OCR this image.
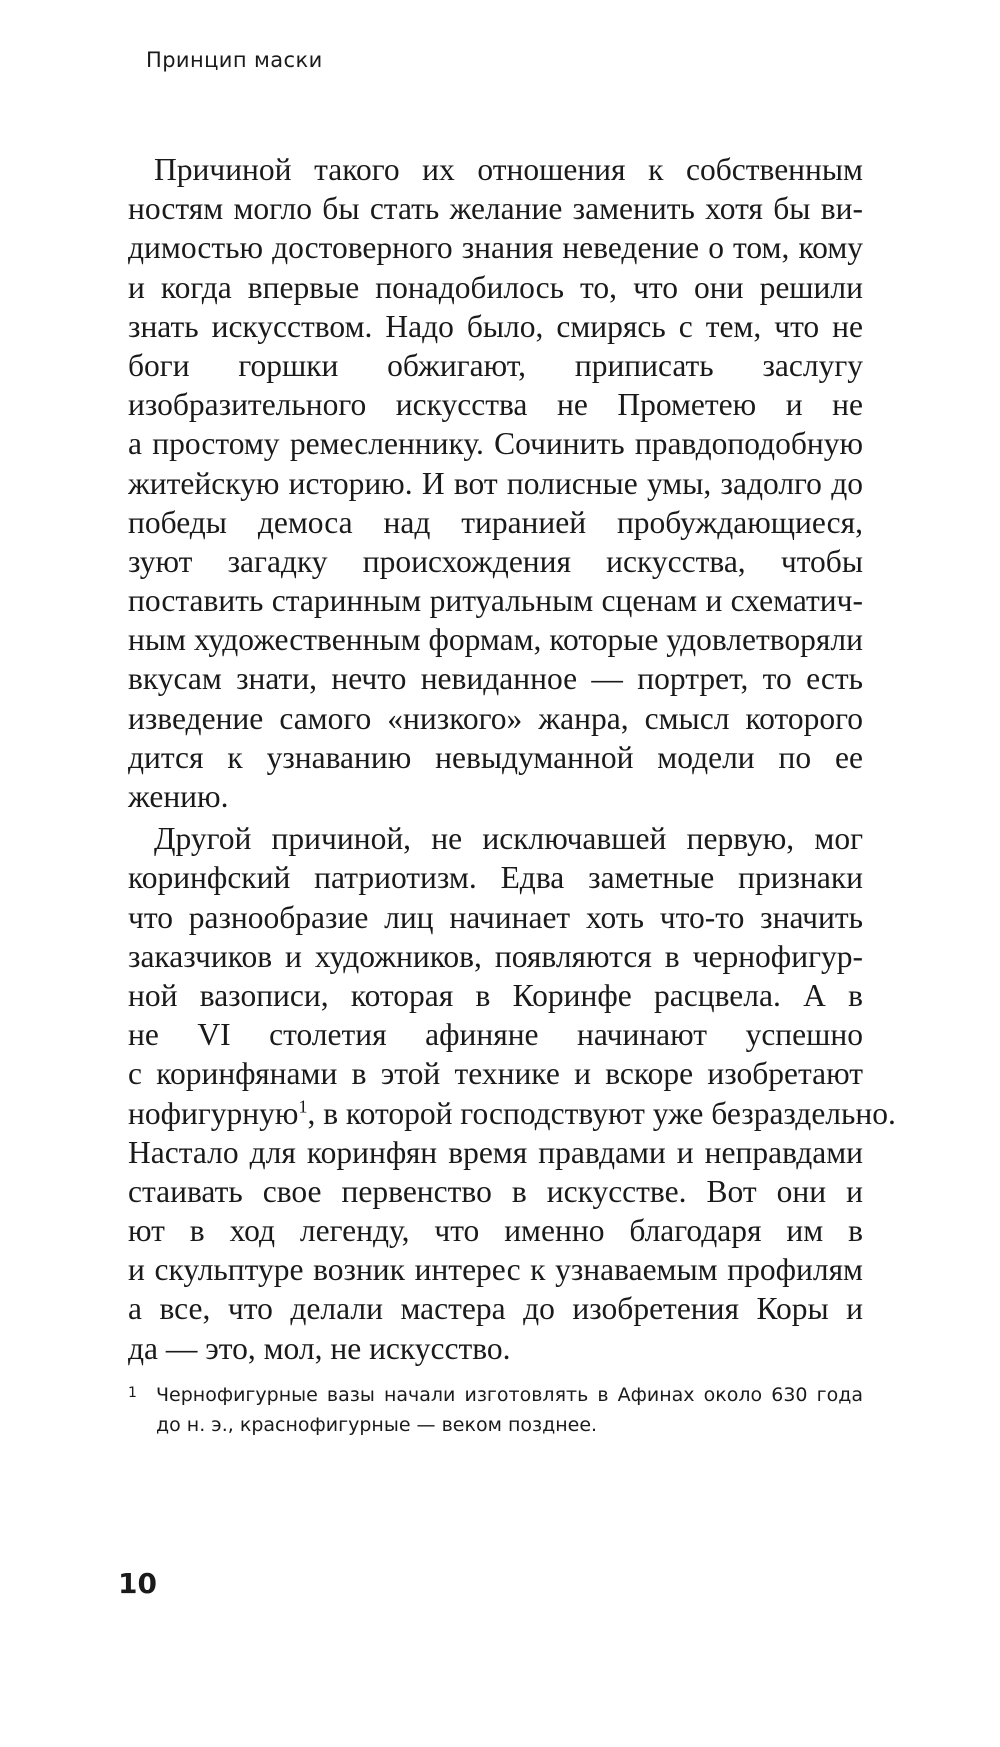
Принцип маски
Причиной такого их отношения к собственным
ностям могло бы стать желание заменить хотя бы ви-
димостью достоверного знания неведение о том, кому
и когда впервые понадобилось то, что они решили
знать искусством. Надо было, смирясь с тем, что не
боги горшки обжигают, приписать заслугу
изобразительного искусства не Прометею и не
а простому ремесленнику. Сочинить правдоподобную
житейскую историю. И вот полисные умы, задолго до
победы демоса над тиранией пробуждающиеся,
зуют загадку происхождения искусства, чтобы
поставить старинным ритуальным сценам и схематич-
ным художественным формам, которые удовлетворяли
вкусам знати, нечто невиданное — портрет, то есть
изведение самого «низкого» жанра, смысл которого
дится к узнаванию невыдуманной модели по ее
жению.
Другой причиной, не исключавшей первую, мог
коринфский патриотизм. Едва заметные признаки
что разнообразие лиц начинает хоть что-то значить
заказчиков и художников, появляются в чернофигур-
ной вазописи, которая в Коринфе расцвела. А в
не VI столетия афиняне начинают успешно
с коринфянами в этой технике и вскоре изобретают
нофигурную$^1$, в которой господствуют уже безраздельно.
Настало для коринфян время правдами и неправдами
стаивать свое первенство в искусстве. Вот они и
ют в ход легенду, что именно благодаря им в
и скульптуре возник интерес к узнаваемым профилям
а все, что делали мастера до изобретения Коры и
да — это, мол, не искусство.
1 Чернофигурные вазы начали изготовлять в Афинах около 630 года
до н. э., краснофигурные — веком позднее.
10
